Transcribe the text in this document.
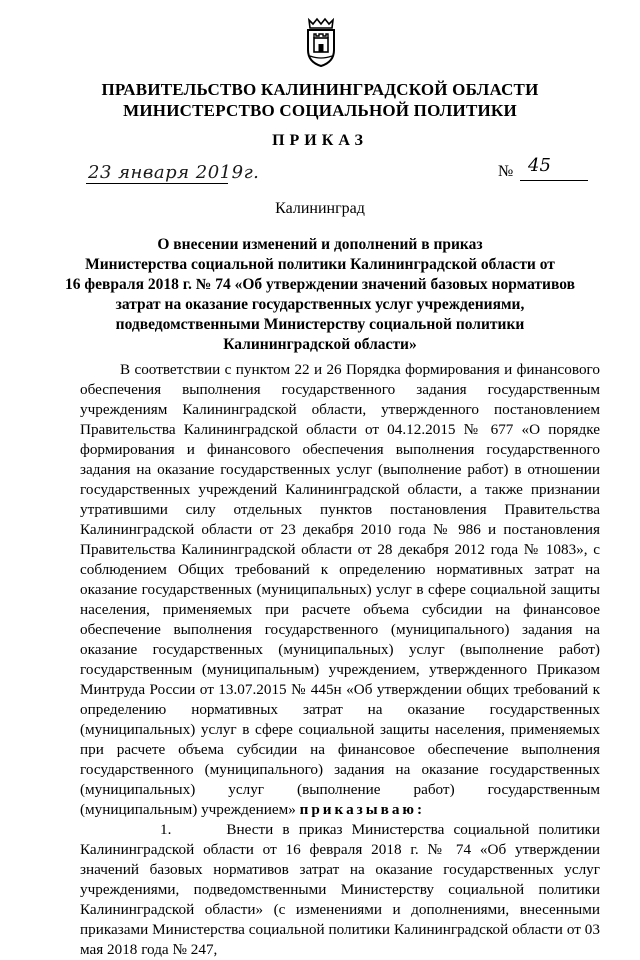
ПРАВИТЕЛЬСТВО КАЛИНИНГРАДСКОЙ ОБЛАСТИ
МИНИСТЕРСТВО СОЦИАЛЬНОЙ ПОЛИТИКИ
ПРИКАЗ
23 января 2019г.	№ 45
Калининград
О внесении изменений и дополнений в приказ
Министерства социальной политики Калининградской области от
16 февраля 2018 г. № 74 «Об утверждении значений базовых нормативов
затрат на оказание государственных услуг учреждениями,
подведомственными Министерству социальной политики
Калининградской области»

В соответствии с пунктом 22 и 26 Порядка формирования и финансового обеспечения выполнения государственного задания государственным учреждениям Калининградской области, утвержденного постановлением Правительства Калининградской области от 04.12.2015 № 677 «О порядке формирования и финансового обеспечения выполнения государственного задания на оказание государственных услуг (выполнение работ) в отношении государственных учреждений Калининградской области, а также признании утратившими силу отдельных пунктов постановления Правительства Калининградской области от 23 декабря 2010 года № 986 и постановления Правительства Калининградской области от 28 декабря 2012 года № 1083», с соблюдением Общих требований к определению нормативных затрат на оказание государственных (муниципальных) услуг в сфере социальной защиты населения, применяемых при расчете объема субсидии на финансовое обеспечение выполнения государственного (муниципального) задания на оказание государственных (муниципальных) услуг (выполнение работ) государственным (муниципальным) учреждением, утвержденного Приказом Минтруда России от 13.07.2015 № 445н «Об утверждении общих требований к определению нормативных затрат на оказание государственных (муниципальных) услуг в сфере социальной защиты населения, применяемых при расчете объема субсидии на финансовое обеспечение выполнения государственного (муниципального) задания на оказание государственных (муниципальных) услуг (выполнение работ) государственным (муниципальным) учреждением» приказываю:

1.	Внести в приказ Министерства социальной политики Калининградской области от 16 февраля 2018 г. № 74 «Об утверждении значений базовых нормативов затрат на оказание государственных услуг учреждениями, подведомственными Министерству социальной политики Калининградской области» (с изменениями и дополнениями, внесенными приказами Министерства социальной политики Калининградской области от 03 мая 2018 года № 247,
